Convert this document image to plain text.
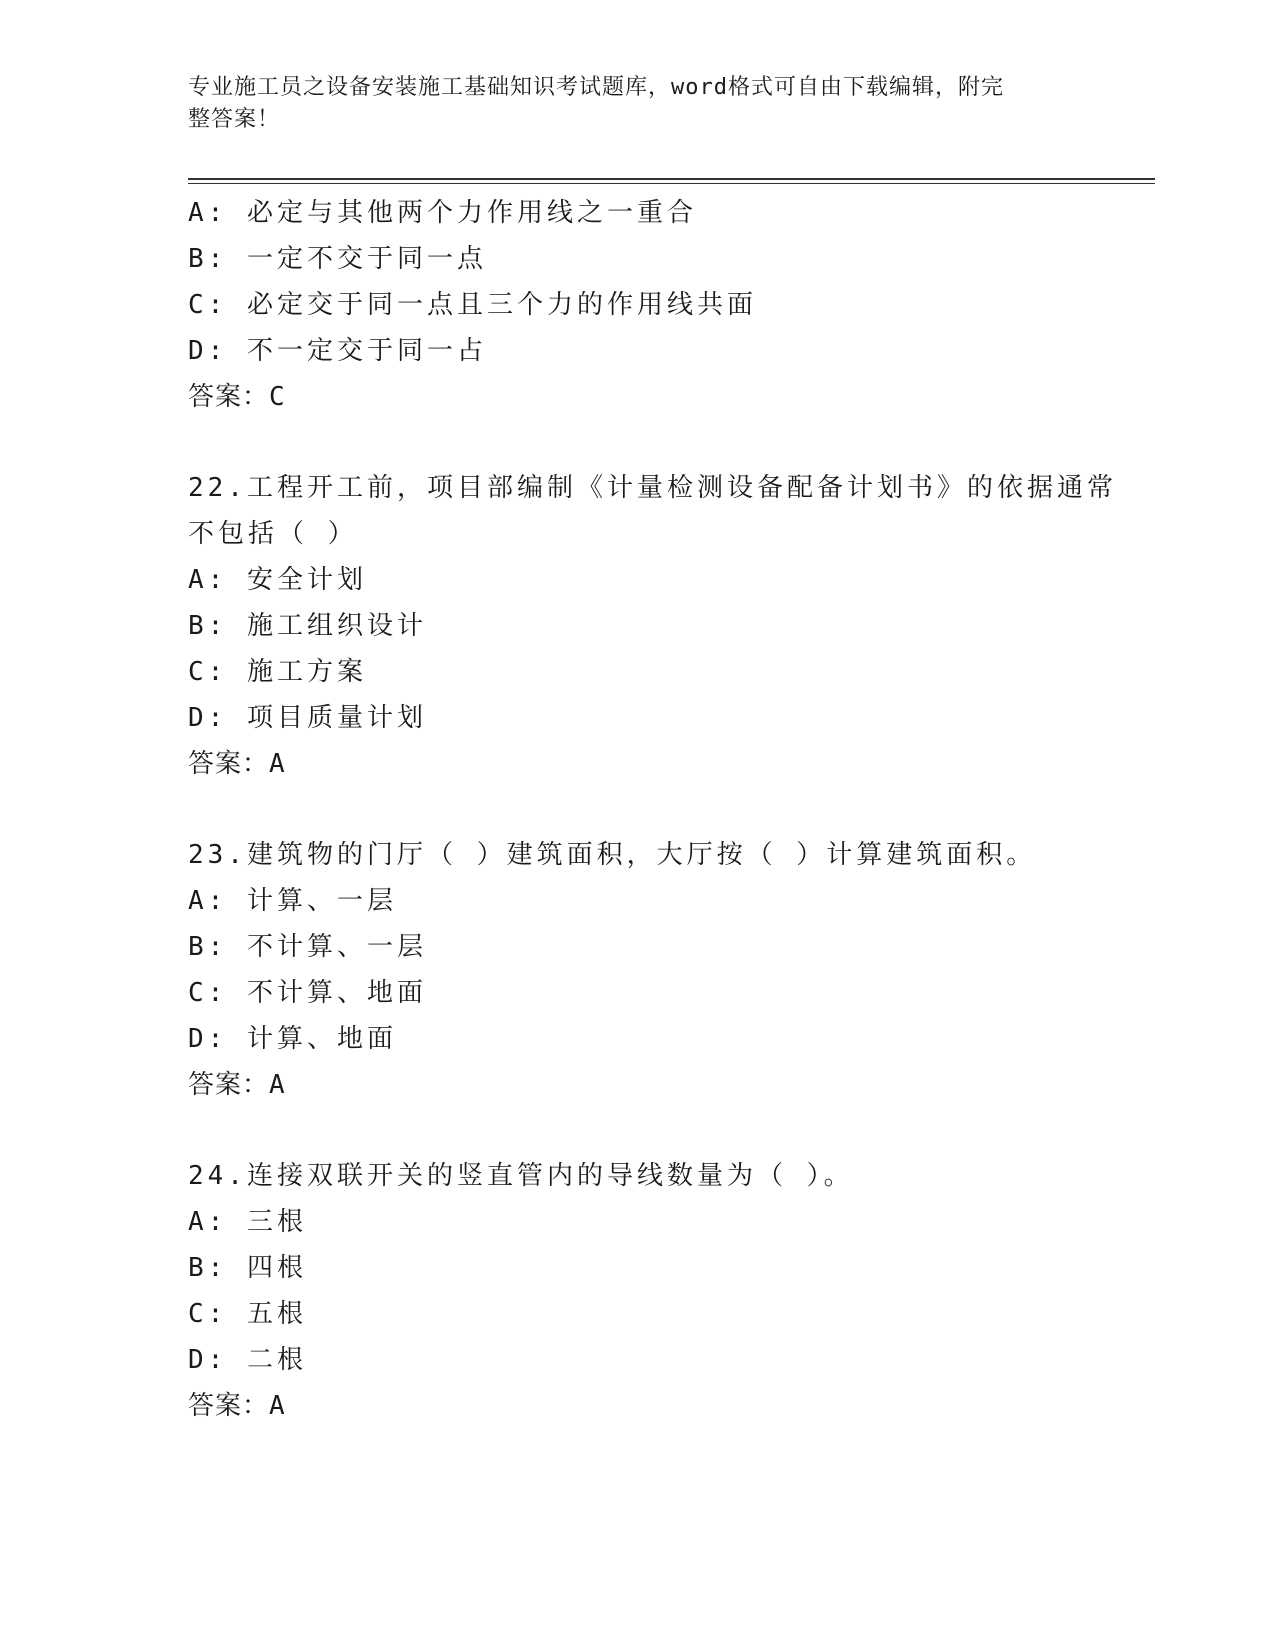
专业施工员之设备安装施工基础知识考试题库，word格式可自由下载编辑，附完
整答案！
A: 必定与其他两个力作用线之一重合
B: 一定不交于同一点
C: 必定交于同一点且三个力的作用线共面
D: 不一定交于同一占
答案：C
22.工程开工前，项目部编制《计量检测设备配备计划书》的依据通常
不包括（ ）
A: 安全计划
B: 施工组织设计
C: 施工方案
D: 项目质量计划
答案：A
23.建筑物的门厅（ ）建筑面积，大厅按（ ）计算建筑面积。
A: 计算、一层
B: 不计算、一层
C: 不计算、地面
D: 计算、地面
答案：A
24.连接双联开关的竖直管内的导线数量为（ ）。
A: 三根
B: 四根
C: 五根
D: 二根
答案：A
